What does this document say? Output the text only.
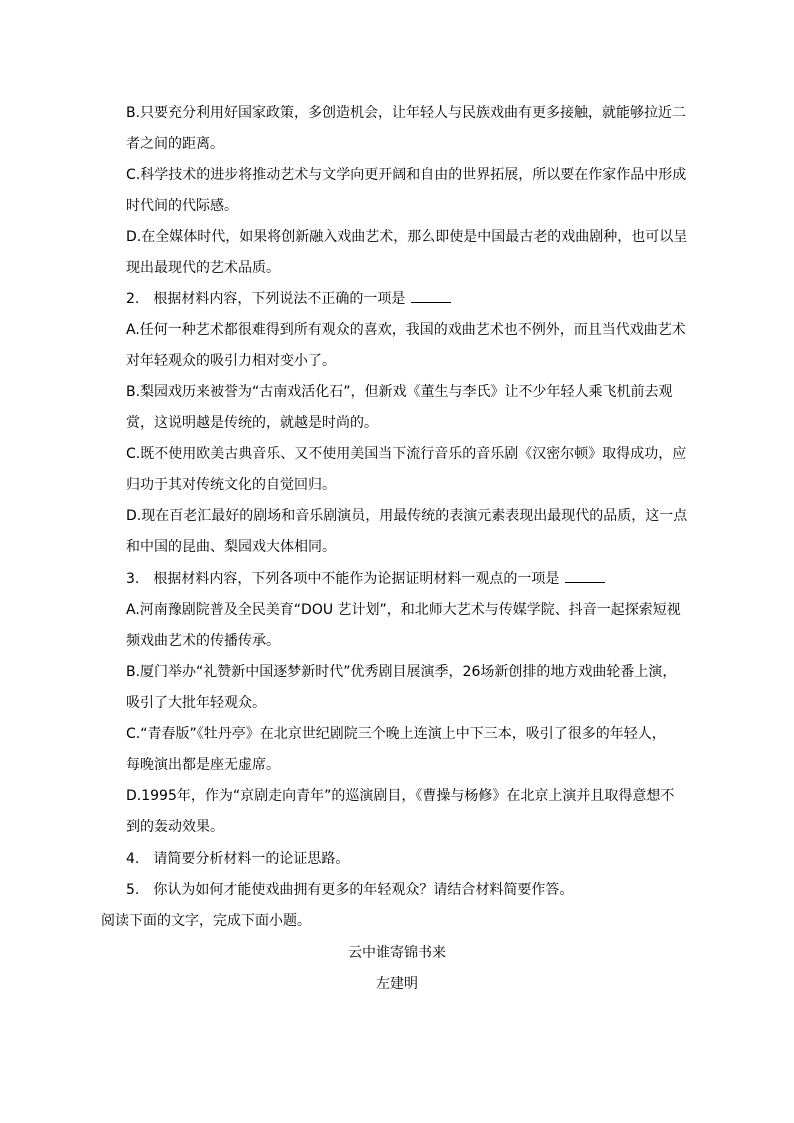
B.只要充分利用好国家政策，多创造机会，让年轻人与民族戏曲有更多接触，就能够拉近二
者之间的距离。
C.科学技术的进步将推动艺术与文学向更开阔和自由的世界拓展，所以要在作家作品中形成
时代间的代际感。
D.在全媒体时代，如果将创新融入戏曲艺术，那么即使是中国最古老的戏曲剧种，也可以呈
现出最现代的艺术品质。
2.　根据材料内容，下列说法不正确的一项是
A.任何一种艺术都很难得到所有观众的喜欢，我国的戏曲艺术也不例外，而且当代戏曲艺术
对年轻观众的吸引力相对变小了。
B.梨园戏历来被誉为“古南戏活化石”，但新戏《董生与李氏》让不少年轻人乘飞机前去观
赏，这说明越是传统的，就越是时尚的。
C.既不使用欧美古典音乐、又不使用美国当下流行音乐的音乐剧《汉密尔顿》取得成功，应
归功于其对传统文化的自觉回归。
D.现在百老汇最好的剧场和音乐剧演员，用最传统的表演元素表现出最现代的品质，这一点
和中国的昆曲、梨园戏大体相同。
3.　根据材料内容，下列各项中不能作为论据证明材料一观点的一项是
A.河南豫剧院普及全民美育“DOU 艺计划”，和北师大艺术与传媒学院、抖音一起探索短视
频戏曲艺术的传播传承。
B.厦门举办“礼赞新中国逐梦新时代”优秀剧目展演季，26场新创排的地方戏曲轮番上演，
吸引了大批年轻观众。
C.“青春版”《牡丹亭》在北京世纪剧院三个晚上连演上中下三本，吸引了很多的年轻人，
每晚演出都是座无虚席。
D.1995年，作为“京剧走向青年”的巡演剧目，《曹操与杨修》在北京上演并且取得意想不
到的轰动效果。
4.　请简要分析材料一的论证思路。
5.　你认为如何才能使戏曲拥有更多的年轻观众？请结合材料简要作答。
阅读下面的文字，完成下面小题。
云中谁寄锦书来
左建明
